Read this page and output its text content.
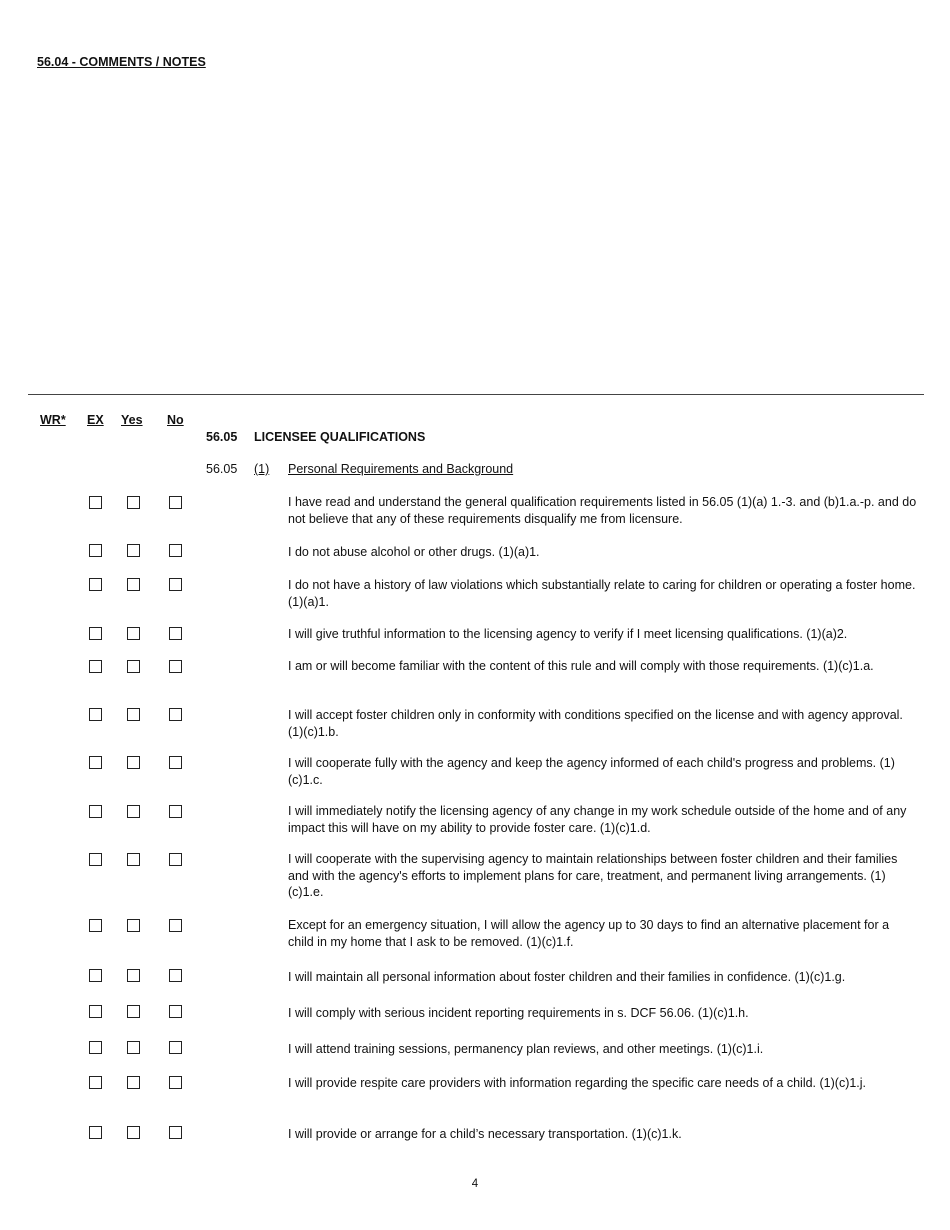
56.04 - COMMENTS / NOTES
WR* EX Yes No
56.05 LICENSEE QUALIFICATIONS
56.05 (1) Personal Requirements and Background
I have read and understand the general qualification requirements listed in 56.05 (1)(a) 1.-3. and (b)1.a.-p. and do not believe that any of these requirements disqualify me from licensure.
I do not abuse alcohol or other drugs. (1)(a)1.
I do not have a history of law violations which substantially relate to caring for children or operating a foster home. (1)(a)1.
I will give truthful information to the licensing agency to verify if I meet licensing qualifications. (1)(a)2.
I am or will become familiar with the content of this rule and will comply with those requirements. (1)(c)1.a.
I will accept foster children only in conformity with conditions specified on the license and with agency approval. (1)(c)1.b.
I will cooperate fully with the agency and keep the agency informed of each child's progress and problems. (1)(c)1.c.
I will immediately notify the licensing agency of any change in my work schedule outside of the home and of any impact this will have on my ability to provide foster care. (1)(c)1.d.
I will cooperate with the supervising agency to maintain relationships between foster children and their families and with the agency's efforts to implement plans for care, treatment, and permanent living arrangements. (1)(c)1.e.
Except for an emergency situation, I will allow the agency up to 30 days to find an alternative placement for a child in my home that I ask to be removed. (1)(c)1.f.
I will maintain all personal information about foster children and their families in confidence. (1)(c)1.g.
I will comply with serious incident reporting requirements in s. DCF 56.06. (1)(c)1.h.
I will attend training sessions, permanency plan reviews, and other meetings. (1)(c)1.i.
I will provide respite care providers with information regarding the specific care needs of a child. (1)(c)1.j.
I will provide or arrange for a child’s necessary transportation. (1)(c)1.k.
4
